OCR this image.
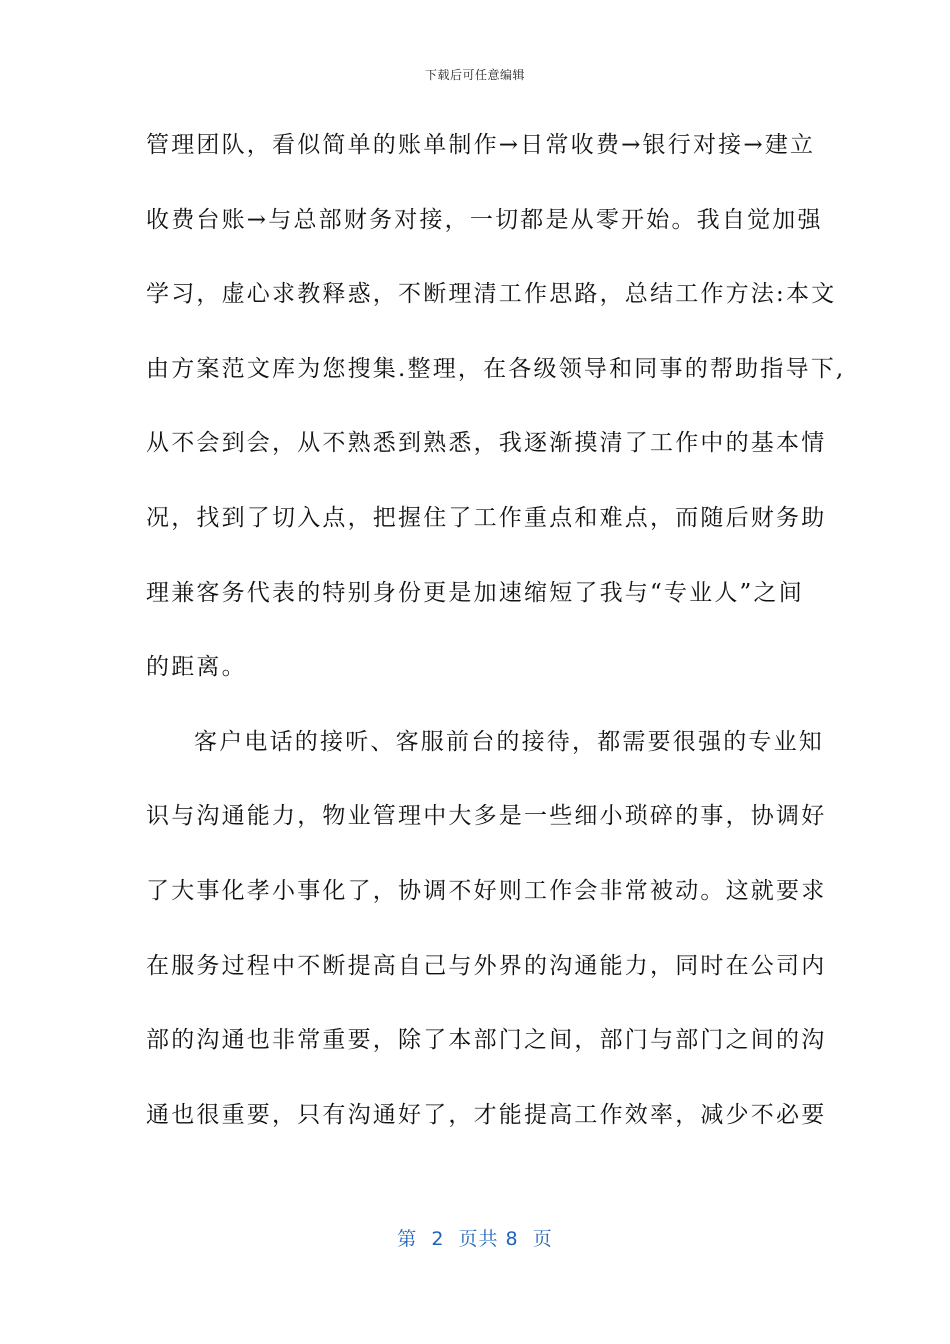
下载后可任意编辑
管理团队，看似简单的账单制作→日常收费→银行对接→建立
收费台账→与总部财务对接，一切都是从零开始。我自觉加强
学习，虚心求教释惑，不断理清工作思路，总结工作方法:本文
由方案范文库为您搜集.整理，在各级领导和同事的帮助指导下,
从不会到会，从不熟悉到熟悉，我逐渐摸清了工作中的基本情
况，找到了切入点，把握住了工作重点和难点，而随后财务助
理兼客务代表的特别身份更是加速缩短了我与“专业人”之间
的距离。
客户电话的接听、客服前台的接待，都需要很强的专业知
识与沟通能力，物业管理中大多是一些细小琐碎的事，协调好
了大事化孝小事化了，协调不好则工作会非常被动。这就要求
在服务过程中不断提高自己与外界的沟通能力，同时在公司内
部的沟通也非常重要，除了本部门之间，部门与部门之间的沟
通也很重要，只有沟通好了，才能提高工作效率，减少不必要
第  2  页共 8  页
